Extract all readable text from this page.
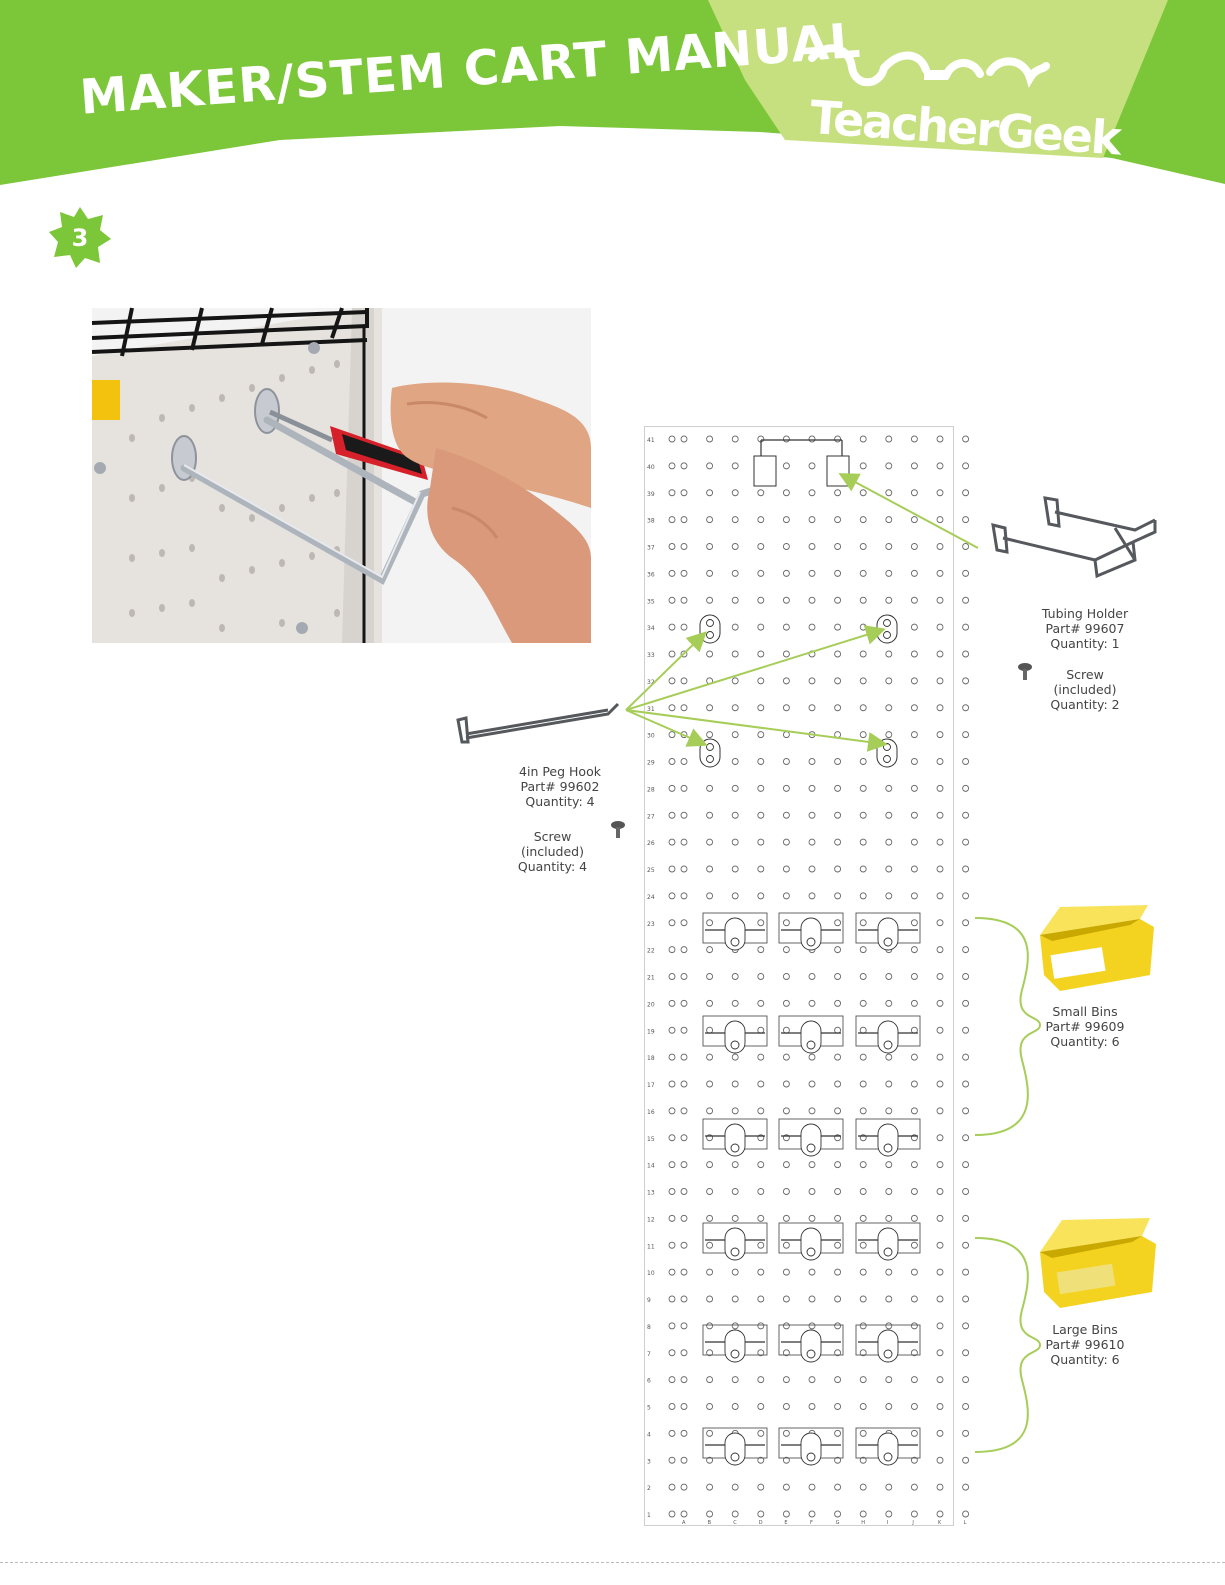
MAKER/STEM CART MANUAL
TeacherGeek
3
41
40
39
38
37
36
35
34
33
32
31
30
29
28
27
26
25
24
23
22
21
20
19
18
17
16
15
14
13
12
11
10
9
8
7
6
5
4
3
2
1
A	B	C	D	E	F	G	H	I	J	K	L
Tubing Holder
Part# 99607
Quantity: 1
Screw
(included)
Quantity: 2
4in Peg Hook
Part# 99602
Quantity: 4
Screw
(included)
Quantity: 4
Small Bins
Part# 99609
Quantity: 6
Large Bins
Part# 99610
Quantity: 6
